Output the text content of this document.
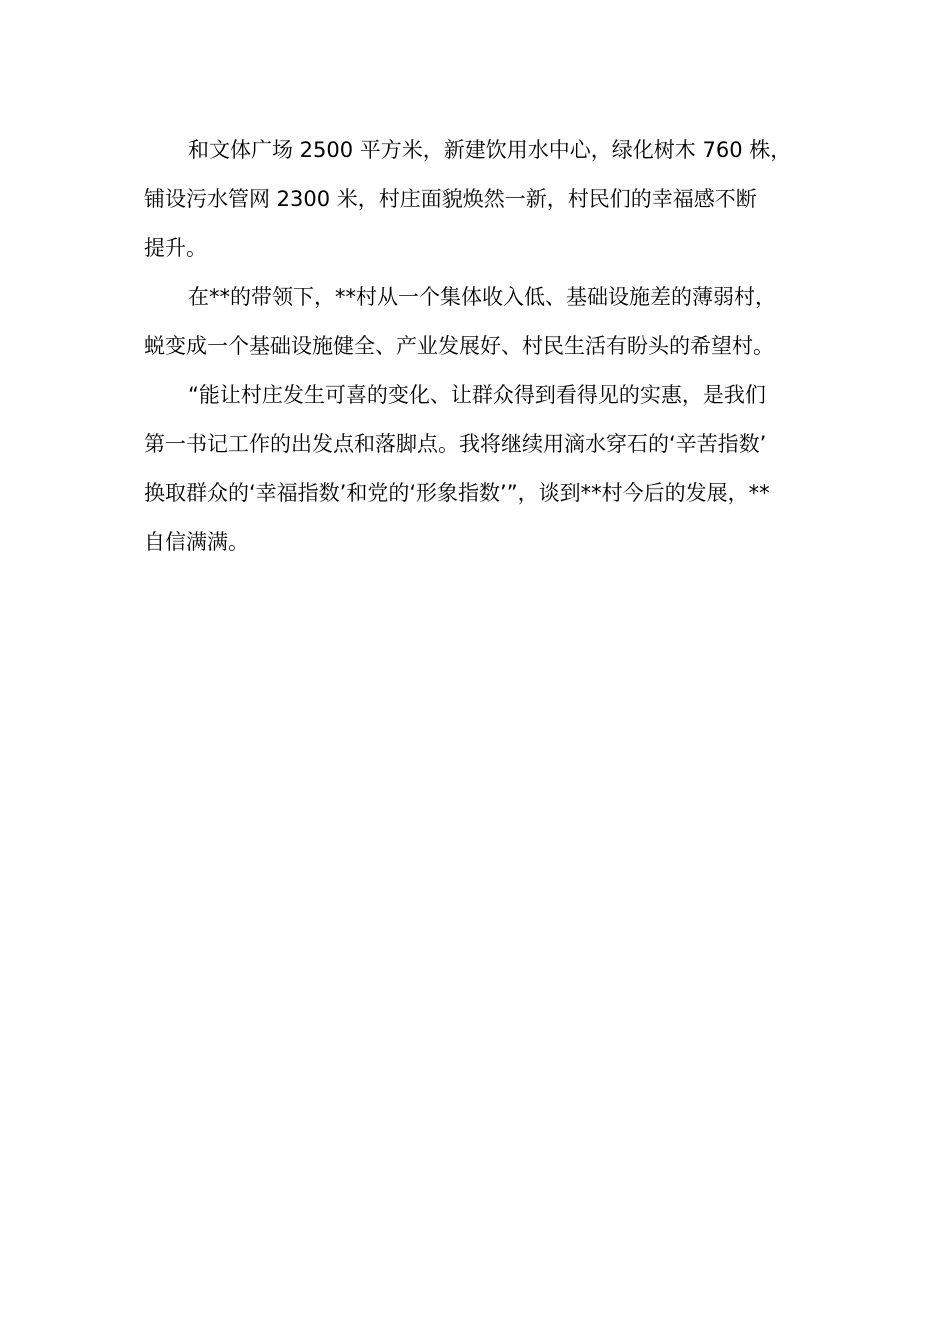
和文体广场 2500 平方米，新建饮用水中心，绿化树木 760 株，
铺设污水管网 2300 米，村庄面貌焕然一新，村民们的幸福感不断
提升。
在**的带领下，**村从一个集体收入低、基础设施差的薄弱村，
蜕变成一个基础设施健全、产业发展好、村民生活有盼头的希望村。
“能让村庄发生可喜的变化、让群众得到看得见的实惠，是我们
第一书记工作的出发点和落脚点。我将继续用滴水穿石的‘辛苦指数’
换取群众的‘幸福指数’和党的‘形象指数’”，谈到**村今后的发展，**
自信满满。
